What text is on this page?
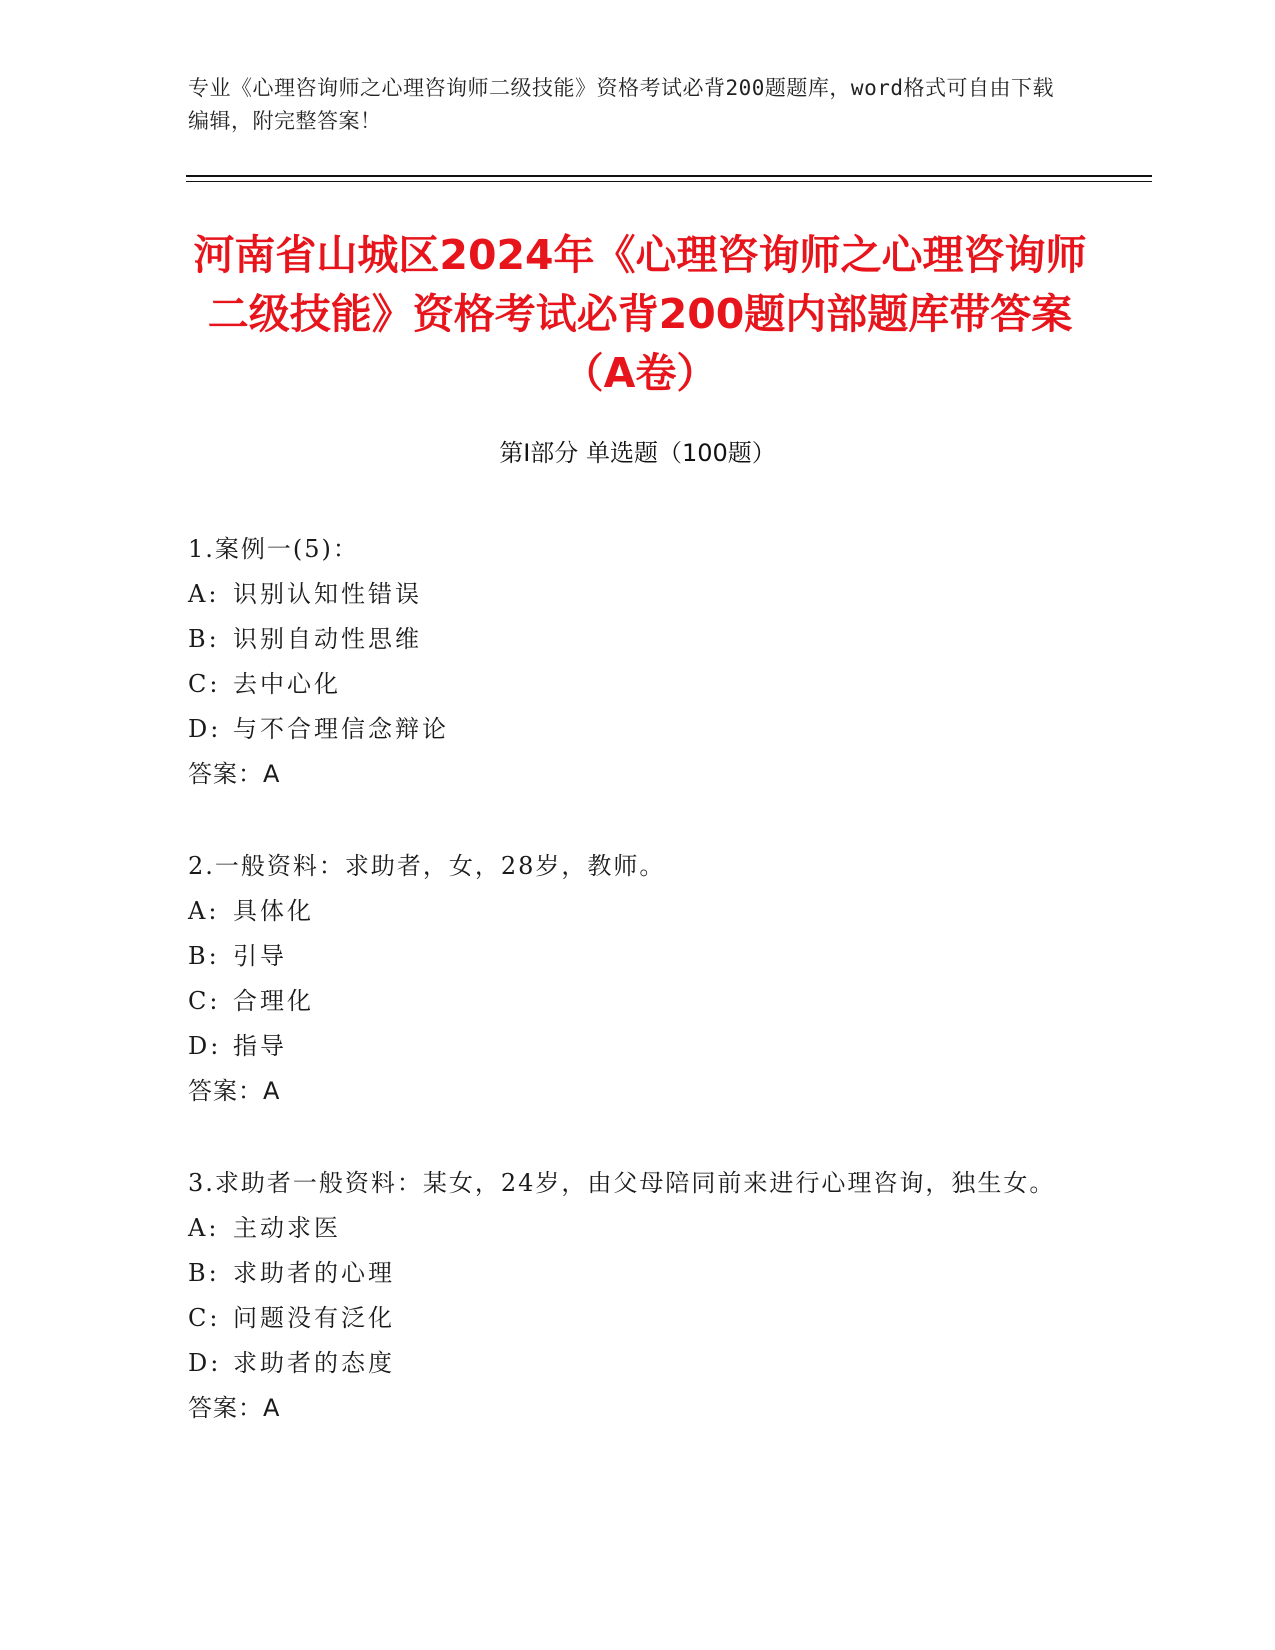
专业《心理咨询师之心理咨询师二级技能》资格考试必背200题题库，word格式可自由下载编辑，附完整答案！
河南省山城区2024年《心理咨询师之心理咨询师二级技能》资格考试必背200题内部题库带答案（A卷）
第Ⅰ部分 单选题（100题）
1.案例一(5)：
A: 识别认知性错误
B: 识别自动性思维
C: 去中心化
D: 与不合理信念辩论
答案：A
2.一般资料：求助者，女，28岁，教师。
A: 具体化
B: 引导
C: 合理化
D: 指导
答案：A
3.求助者一般资料：某女，24岁，由父母陪同前来进行心理咨询，独生女。
A: 主动求医
B: 求助者的心理
C: 问题没有泛化
D: 求助者的态度
答案：A
